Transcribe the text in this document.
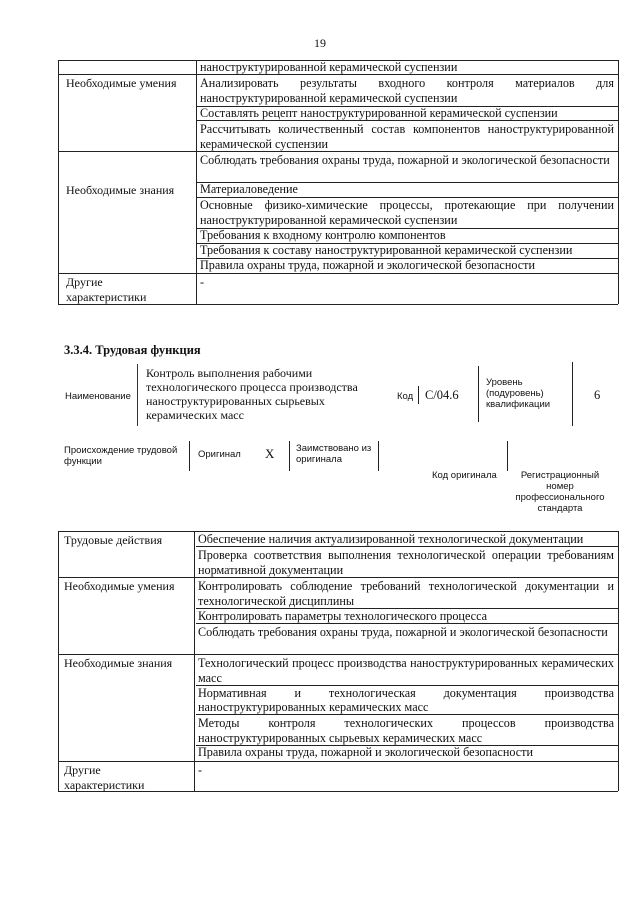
19
наноструктурированной керамической суспензии
Необходимые умения Анализировать результаты входного контроля материалов для наноструктурированной керамической суспензии
Составлять рецепт наноструктурированной керамической суспензии
Рассчитывать количественный состав компонентов наноструктурированной керамической суспензии
Соблюдать требования охраны труда, пожарной и экологической безопасности
Необходимые знания Материаловедение
Основные физико-химические процессы, протекающие при получении наноструктурированной керамической суспензии
Требования к входному контролю компонентов
Требования к составу наноструктурированной керамической суспензии
Правила охраны труда, пожарной и экологической безопасности
Другие характеристики
-
3.3.4. Трудовая функция
Наименование
Контроль выполнения рабочими технологического процесса производства наноструктурированных сырьевых керамических масс
Код C/04.6
Уровень (подуровень) квалификации
6
Происхождение трудовой функции
Оригинал X Заимствовано из оригинала
Код оригинала	Регистрационный номер профессионального стандарта
Трудовые действия	Обеспечение наличия актуализированной технологической документации
Проверка соответствия выполнения технологической операции требованиям нормативной документации
Необходимые умения Контролировать соблюдение требований технологической документации и технологической дисциплины
Контролировать параметры технологического процесса
Соблюдать требования охраны труда, пожарной и экологической безопасности
Необходимые знания Технологический процесс производства наноструктурированных керамических масс
Нормативная и технологическая документация производства наноструктурированных керамических масс
Методы контроля технологических процессов производства наноструктурированных сырьевых керамических масс
Правила охраны труда, пожарной и экологической безопасности
Другие характеристики
-
